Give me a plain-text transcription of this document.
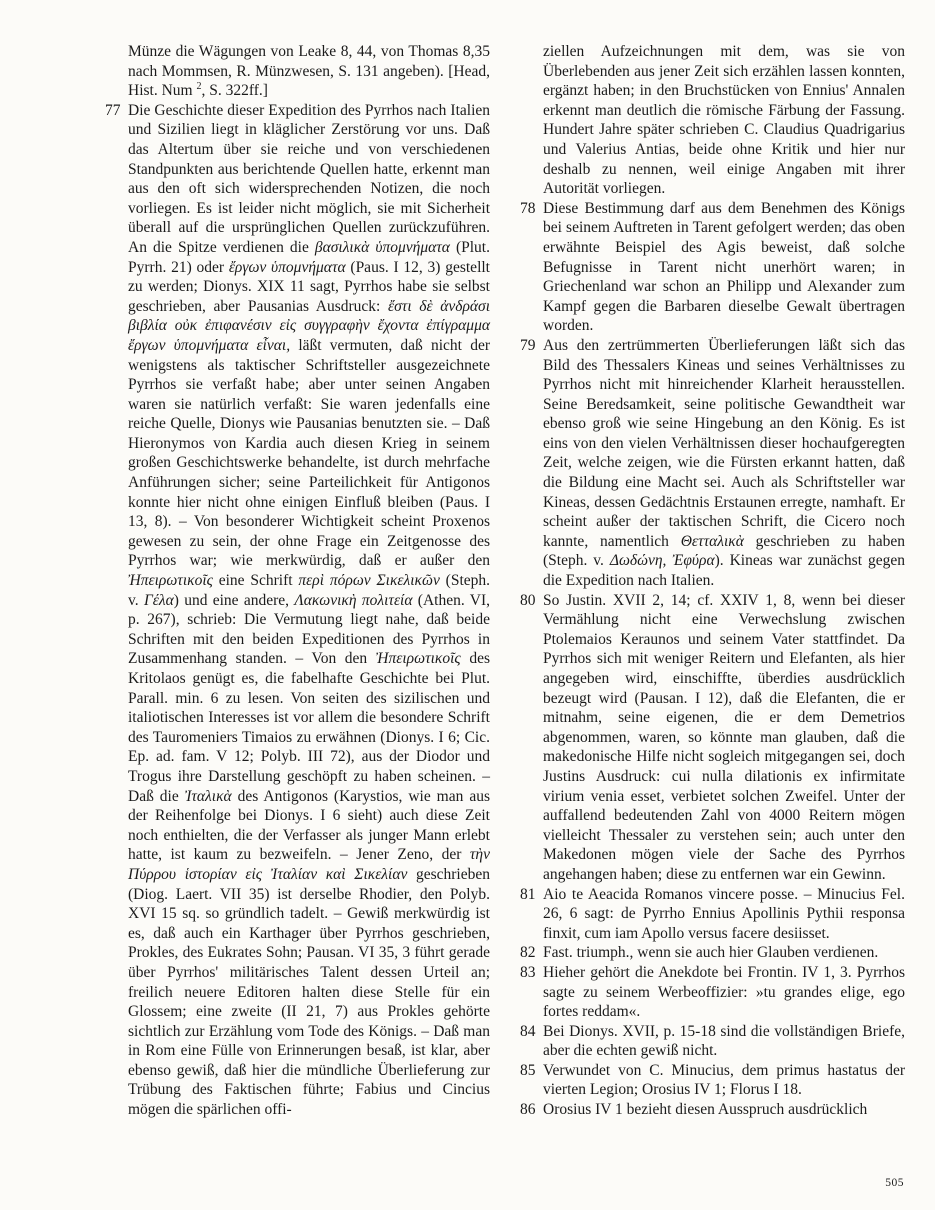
Münze die Wägungen von Leake 8, 44, von Thomas 8,35 nach Mommsen, R. Münzwesen, S. 131 angeben). [Head, Hist. Num $^2$, S. 322ff.]
77 Die Geschichte dieser Expedition des Pyrrhos nach Italien und Sizilien liegt in kläglicher Zerstörung vor uns. Daß das Altertum über sie reiche und von verschiedenen Standpunkten aus berichtende Quellen hatte, erkennt man aus den oft sich widersprechenden Notizen, die noch vorliegen. Es ist leider nicht möglich, sie mit Sicherheit überall auf die ursprünglichen Quellen zurückzuführen. An die Spitze verdienen die βασιλικὰ ὑπομνήματα (Plut. Pyrrh. 21) oder ἔργων ὑπομνήματα (Paus. I 12, 3) gestellt zu werden; Dionys. XIX 11 sagt, Pyrrhos habe sie selbst geschrieben, aber Pausanias Ausdruck: ἔστι δὲ ἀνδράσι βιβλία οὐκ ἐπιφανέσιν εἰς συγγραφὴν ἔχοντα ἐπίγραμμα ἔργων ὑπομνήματα εἶναι, läßt vermuten, daß nicht der wenigstens als taktischer Schriftsteller ausgezeichnete Pyrrhos sie verfaßt habe; aber unter seinen Angaben waren sie natürlich verfaßt: Sie waren jedenfalls eine reiche Quelle, Dionys wie Pausanias benutzten sie. – Daß Hieronymos von Kardia auch diesen Krieg in seinem großen Geschichtswerke behandelte, ist durch mehrfache Anführungen sicher; seine Parteilichkeit für Antigonos konnte hier nicht ohne einigen Einfluß bleiben (Paus. I 13, 8). – Von besonderer Wichtigkeit scheint Proxenos gewesen zu sein, der ohne Frage ein Zeitgenosse des Pyrrhos war; wie merkwürdig, daß er außer den Ἠπειρωτικοῖς eine Schrift περὶ πόρων Σικελικῶν (Steph. v. Γέλα) und eine andere, Λακωνικὴ πολιτεία (Athen. VI, p. 267), schrieb: Die Vermutung liegt nahe, daß beide Schriften mit den beiden Expeditionen des Pyrrhos in Zusammenhang standen. – Von den Ἠπειρωτικοῖς des Kritolaos genügt es, die fabelhafte Geschichte bei Plut. Parall. min. 6 zu lesen. Von seiten des sizilischen und italiotischen Interesses ist vor allem die besondere Schrift des Tauromeniers Timaios zu erwähnen (Dionys. I 6; Cic. Ep. ad. fam. V 12; Polyb. III 72), aus der Diodor und Trogus ihre Darstellung geschöpft zu haben scheinen. – Daß die Ἰταλικὰ des Antigonos (Karystios, wie man aus der Reihenfolge bei Dionys. I 6 sieht) auch diese Zeit noch enthielten, die der Verfasser als junger Mann erlebt hatte, ist kaum zu bezweifeln. – Jener Zeno, der τὴν Πύρρου ἱστορίαν εἰς Ἰταλίαν καὶ Σικελίαν geschrieben (Diog. Laert. VII 35) ist derselbe Rhodier, den Polyb. XVI 15 sq. so gründlich tadelt. – Gewiß merkwürdig ist es, daß auch ein Karthager über Pyrrhos geschrieben, Prokles, des Eukrates Sohn; Pausan. VI 35, 3 führt gerade über Pyrrhos' militärisches Talent dessen Urteil an; freilich neuere Editoren halten diese Stelle für ein Glossem; eine zweite (II 21, 7) aus Prokles gehörte sichtlich zur Erzählung vom Tode des Königs. – Daß man in Rom eine Fülle von Erinnerungen besaß, ist klar, aber ebenso gewiß, daß hier die mündliche Überlieferung zur Trübung des Faktischen führte; Fabius und Cincius mögen die spärlichen offi-
ziellen Aufzeichnungen mit dem, was sie von Überlebenden aus jener Zeit sich erzählen lassen konnten, ergänzt haben; in den Bruchstücken von Ennius' Annalen erkennt man deutlich die römische Färbung der Fassung. Hundert Jahre später schrieben C. Claudius Quadrigarius und Valerius Antias, beide ohne Kritik und hier nur deshalb zu nennen, weil einige Angaben mit ihrer Autorität vorliegen.
78 Diese Bestimmung darf aus dem Benehmen des Königs bei seinem Auftreten in Tarent gefolgert werden; das oben erwähnte Beispiel des Agis beweist, daß solche Befugnisse in Tarent nicht unerhört waren; in Griechenland war schon an Philipp und Alexander zum Kampf gegen die Barbaren dieselbe Gewalt übertragen worden.
79 Aus den zertrümmerten Überlieferungen läßt sich das Bild des Thessalers Kineas und seines Verhältnisses zu Pyrrhos nicht mit hinreichender Klarheit herausstellen. Seine Beredsamkeit, seine politische Gewandtheit war ebenso groß wie seine Hingebung an den König. Es ist eins von den vielen Verhältnissen dieser hochaufgeregten Zeit, welche zeigen, wie die Fürsten erkannt hatten, daß die Bildung eine Macht sei. Auch als Schriftsteller war Kineas, dessen Gedächtnis Erstaunen erregte, namhaft. Er scheint außer der taktischen Schrift, die Cicero noch kannte, namentlich Θετταλικὰ geschrieben zu haben (Steph. v. Δωδώνη, Ἐφύρα). Kineas war zunächst gegen die Expedition nach Italien.
80 So Justin. XVII 2, 14; cf. XXIV 1, 8, wenn bei dieser Vermählung nicht eine Verwechslung zwischen Ptolemaios Keraunos und seinem Vater stattfindet. Da Pyrrhos sich mit weniger Reitern und Elefanten, als hier angegeben wird, einschiffte, überdies ausdrücklich bezeugt wird (Pausan. I 12), daß die Elefanten, die er mitnahm, seine eigenen, die er dem Demetrios abgenommen, waren, so könnte man glauben, daß die makedonische Hilfe nicht sogleich mitgegangen sei, doch Justins Ausdruck: cui nulla dilationis ex infirmitate virium venia esset, verbietet solchen Zweifel. Unter der auffallend bedeutenden Zahl von 4000 Reitern mögen vielleicht Thessaler zu verstehen sein; auch unter den Makedonen mögen viele der Sache des Pyrrhos angehangen haben; diese zu entfernen war ein Gewinn.
81 Aio te Aeacida Romanos vincere posse. – Minucius Fel. 26, 6 sagt: de Pyrrho Ennius Apollinis Pythii responsa finxit, cum iam Apollo versus facere desiisset.
82 Fast. triumph., wenn sie auch hier Glauben verdienen.
83 Hieher gehört die Anekdote bei Frontin. IV 1, 3. Pyrrhos sagte zu seinem Werbeoffizier: »tu grandes elige, ego fortes reddam«.
84 Bei Dionys. XVII, p. 15-18 sind die vollständigen Briefe, aber die echten gewiß nicht.
85 Verwundet von C. Minucius, dem primus hastatus der vierten Legion; Orosius IV 1; Florus I 18.
86 Orosius IV 1 bezieht diesen Ausspruch ausdrücklich
505
